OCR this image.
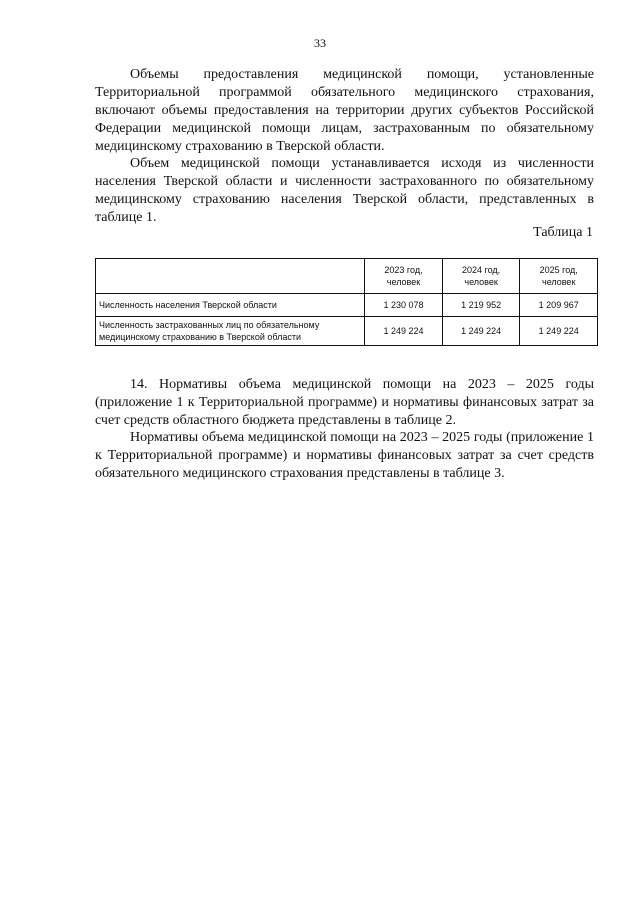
33

Объемы предоставления медицинской помощи, установленные Территориальной программой обязательного медицинского страхования, включают объемы предоставления на территории других субъектов Российской Федерации медицинской помощи лицам, застрахованным по обязательному медицинскому страхованию в Тверской области.

Объем медицинской помощи устанавливается исходя из численности населения Тверской области и численности застрахованного по обязательному медицинскому страхованию населения Тверской области, представленных в таблице 1.

Таблица 1
	2023 год, человек	2024 год, человек	2025 год, человек
Численность населения Тверской области	1 230 078	1 219 952	1 209 967
Численность застрахованных лиц по обязательному медицинскому страхованию в Тверской области	1 249 224	1 249 224	1 249 224

14. Нормативы объема медицинской помощи на 2023 – 2025 годы (приложение 1 к Территориальной программе) и нормативы финансовых затрат за счет средств областного бюджета представлены в таблице 2.

Нормативы объема медицинской помощи на 2023 – 2025 годы (приложение 1 к Территориальной программе) и нормативы финансовых затрат за счет средств обязательного медицинского страхования представлены в таблице 3.
